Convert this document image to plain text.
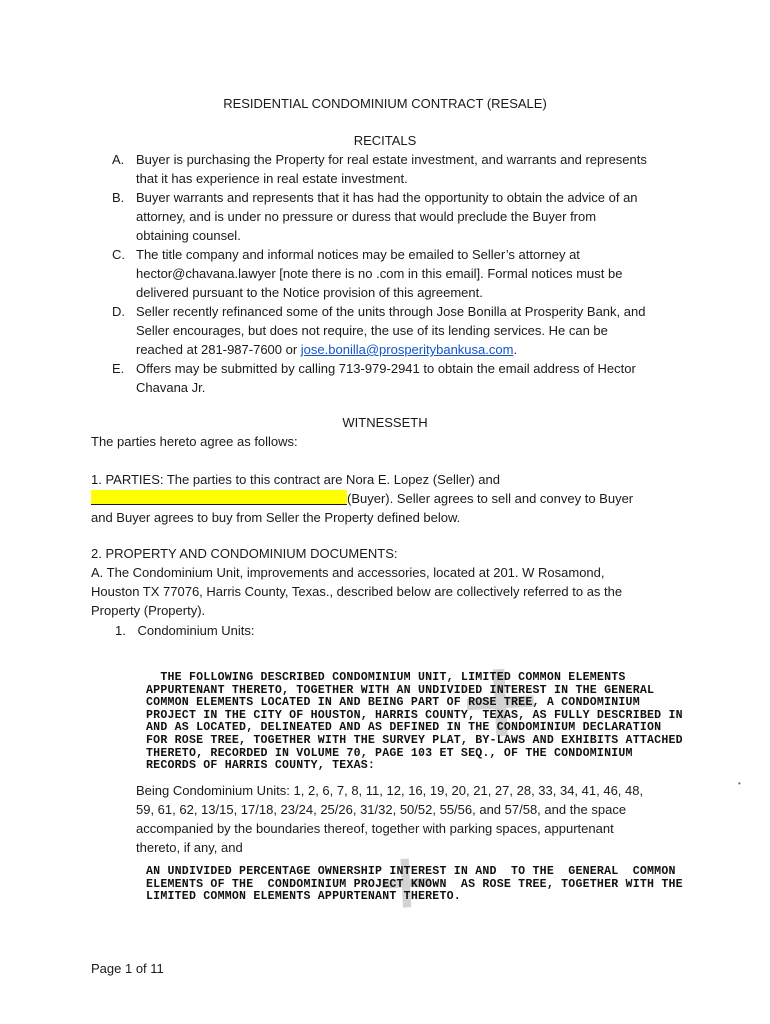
RESIDENTIAL CONDOMINIUM CONTRACT (RESALE)
RECITALS
A. Buyer is purchasing the Property for real estate investment, and warrants and represents
that it has experience in real estate investment.
B. Buyer warrants and represents that it has had the opportunity to obtain the advice of an
attorney, and is under no pressure or duress that would preclude the Buyer from
obtaining counsel.
C. The title company and informal notices may be emailed to Seller’s attorney at
hector@chavana.lawyer [note there is no .com in this email]. Formal notices must be
delivered pursuant to the Notice provision of this agreement.
D. Seller recently refinanced some of the units through Jose Bonilla at Prosperity Bank, and
Seller encourages, but does not require, the use of its lending services. He can be
reached at 281-987-7600 or jose.bonilla@prosperitybankusa.com.
E. Offers may be submitted by calling 713-979-2941 to obtain the email address of Hector
Chavana Jr.
WITNESSETH
The parties hereto agree as follows:
1. PARTIES: The parties to this contract are Nora E. Lopez (Seller) and
(Buyer). Seller agrees to sell and convey to Buyer
and Buyer agrees to buy from Seller the Property defined below.
2. PROPERTY AND CONDOMINIUM DOCUMENTS:
A. The Condominium Unit, improvements and accessories, located at 201. W Rosamond,
Houston TX 77076, Harris County, Texas., described below are collectively referred to as the
Property (Property).
1. Condominium Units:
✕
THE FOLLOWING DESCRIBED CONDOMINIUM UNIT, LIMITED COMMON ELEMENTS
APPURTENANT THERETO, TOGETHER WITH AN UNDIVIDED INTEREST IN THE GENERAL
COMMON ELEMENTS LOCATED IN AND BEING PART OF ROSE TREE, A CONDOMINIUM
PROJECT IN THE CITY OF HOUSTON, HARRIS COUNTY, TEXAS, AS FULLY DESCRIBED IN
AND AS LOCATED, DELINEATED AND AS DEFINED IN THE CONDOMINIUM DECLARATION
FOR ROSE TREE, TOGETHER WITH THE SURVEY PLAT, BY-LAWS AND EXHIBITS ATTACHED
THERETO, RECORDED IN VOLUME 70, PAGE 103 ET SEQ., OF THE CONDOMINIUM
RECORDS OF HARRIS COUNTY, TEXAS:
•
Being Condominium Units: 1, 2, 6, 7, 8, 11, 12, 16, 19, 20, 21, 27, 28, 33, 34, 41, 46, 48,
59, 61, 62, 13/15, 17/18, 23/24, 25/26, 31/32, 50/52, 55/56, and 57/58, and the space
accompanied by the boundaries thereof, together with parking spaces, appurtenant
thereto, if any, and	✕
AN UNDIVIDED PERCENTAGE OWNERSHIP INTEREST IN AND  TO THE  GENERAL  COMMON
ELEMENTS OF THE  CONDOMINIUM PROJECT KNOWN  AS ROSE TREE, TOGETHER WITH THE
LIMITED COMMON ELEMENTS APPURTENANT THERETO.
Page 1 of 11
